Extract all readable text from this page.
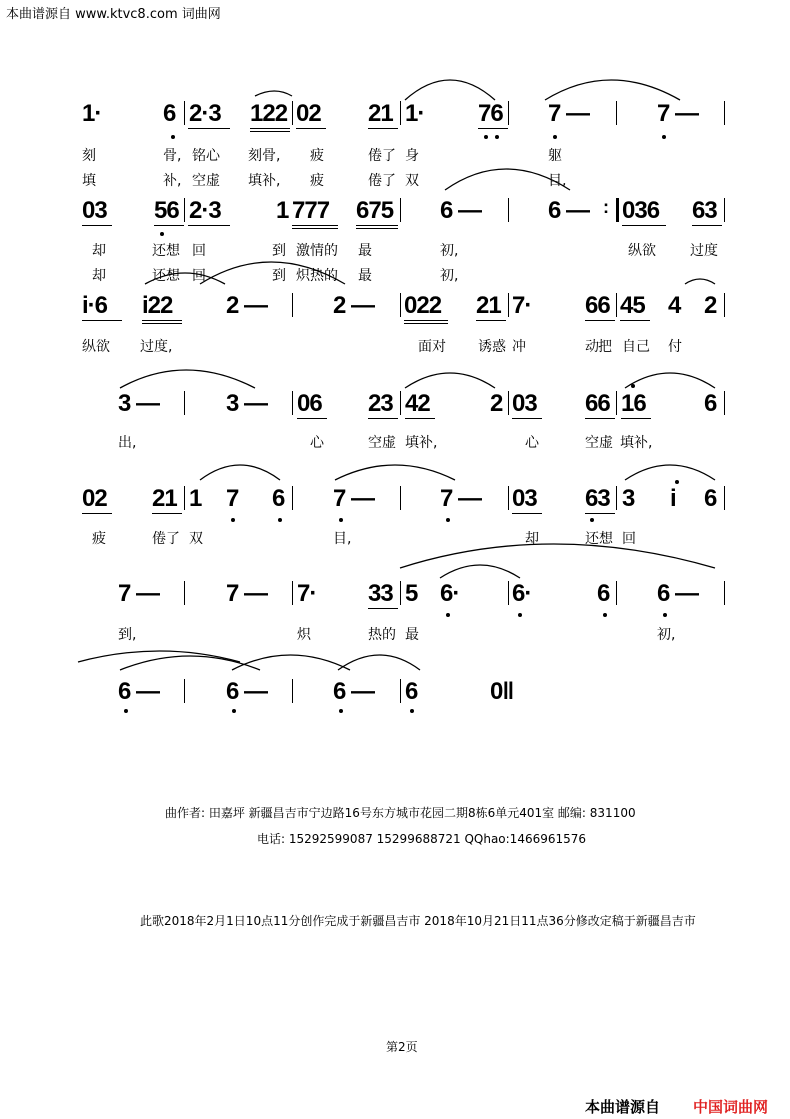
本曲谱源自 www.ktvc8.com 词曲网
1·	6 2·3 122 02 21 1· 76 7 —	7 —
刻	骨, 铭心 刻骨, 疲	倦了 身	躯
填	补, 空虚 填补, 疲	倦了 双	目,
03 56 2·3 1 777 675 6 —	6 — : 036 63
却	还想 回	到 激情的 最	初,	纵欲 过度
却	还想 回	到 炽热的 最	初,
i·6 i22 2 —	2 — 022 21 7· 66 45 4 2
纵欲 过度,	面对 诱惑 冲	动 把 自己 付
3 —	3 — 06 23 42	2 03 66 16 6
出,	心	空虚 填补,	心	空虚 填补,
02 21 1 7 6 7 —	7 — 03 63 3 i 6
疲	倦了 双	目,	却	还想 回
7 —	7 — 7· 33 5 6· 6·	6 6 —
到,	炽	热的 最	初,
6 —	6 —	6 — 6	0‖
曲作者: 田嘉坪 新疆昌吉市宁边路16号东方城市花园二期8栋6单元401室 邮编: 831100
电话: 15292599087 15299688721 QQhao:1466961576
此歌2018年2月1日10点11分创作完成于新疆昌吉市 2018年10月21日11点36分修改定稿于新疆昌吉市
第2页
本曲谱源自 中国词曲网
